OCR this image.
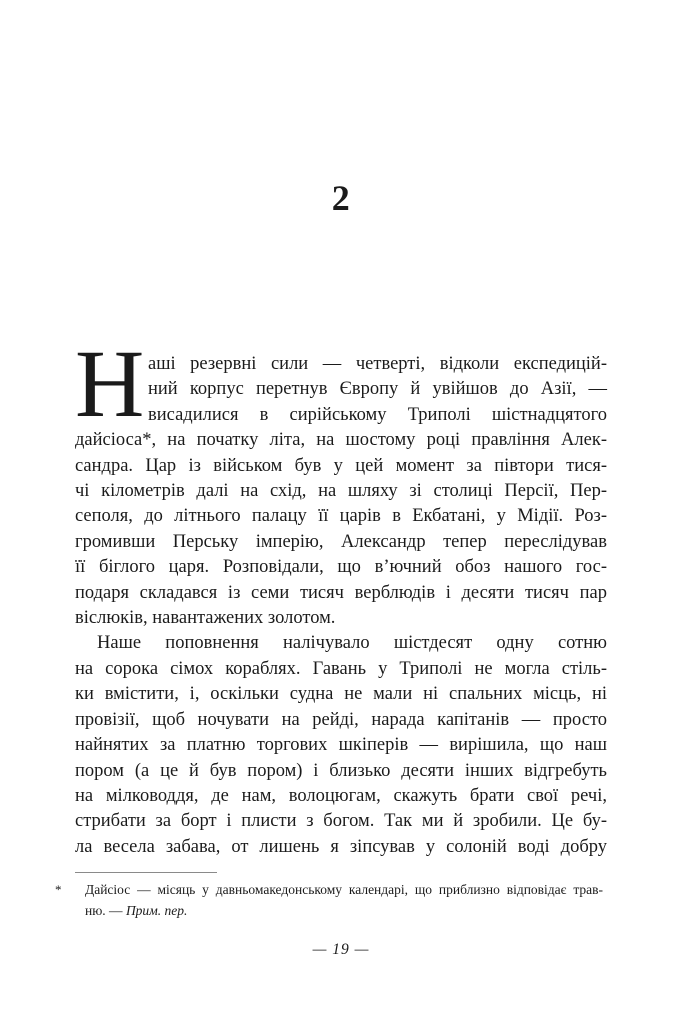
2
Н аші резервні сили — четверті, відколи експедицій-
ний корпус перетнув Європу й увійшов до Азії, —
висадилися в сирійському Триполі шістнадцятого
дайсіоса*, на початку літа, на шостому році правління Алек-
сандра. Цар із військом був у цей момент за півтори тися-
чі кілометрів далі на схід, на шляху зі столиці Персії, Пер-
сеполя, до літнього палацу її царів в Екбатані, у Мідії. Роз-
громивши Перську імперію, Александр тепер переслідував
її біглого царя. Розповідали, що в’ючний обоз нашого гос-
подаря складався із семи тисяч верблюдів і десяти тисяч пар
віслюків, навантажених золотом.
Наше поповнення налічувало шістдесят одну сотню
на сорока сімох кораблях. Гавань у Триполі не могла стіль-
ки вмістити, і, оскільки судна не мали ні спальних місць, ні
провізії, щоб ночувати на рейді, нарада капітанів — просто
найнятих за платню торгових шкіперів — вирішила, що наш
пором (а це й був пором) і близько десяти інших відгребуть
на мілководдя, де нам, волоцюгам, скажуть брати свої речі,
стрибати за борт і плисти з богом. Так ми й зробили. Це бу-
ла весела забава, от лишень я зіпсував у солоній воді добру
*	Дайсіос — місяць у давньомакедонському календарі, що приблизно відповідає трав-
ню. — Прим. пер.
— 19 —
